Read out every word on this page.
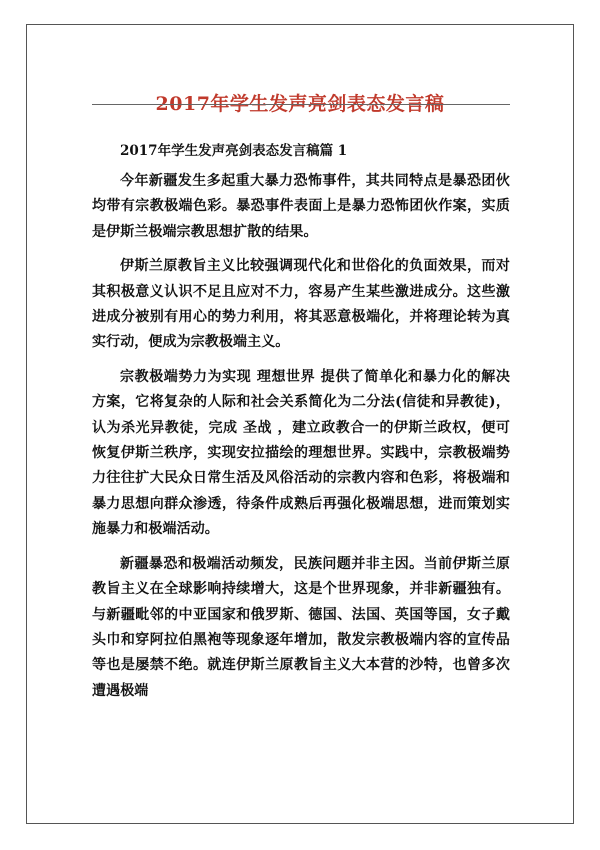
2017年学生发声亮剑表态发言稿
2017年学生发声亮剑表态发言稿篇 1

今年新疆发生多起重大暴力恐怖事件，其共同特点是暴恐团伙均带有宗教极端色彩。暴恐事件表面上是暴力恐怖团伙作案，实质是伊斯兰极端宗教思想扩散的结果。

伊斯兰原教旨主义比较强调现代化和世俗化的负面效果，而对其积极意义认识不足且应对不力，容易产生某些激进成分。这些激进成分被别有用心的势力利用，将其恶意极端化，并将理论转为真实行动，便成为宗教极端主义。

宗教极端势力为实现 理想世界 提供了简单化和暴力化的解决方案，它将复杂的人际和社会关系简化为二分法(信徒和异教徒)，认为杀光异教徒，完成 圣战 ，建立政教合一的伊斯兰政权，便可恢复伊斯兰秩序，实现安拉描绘的理想世界。实践中，宗教极端势力往往扩大民众日常生活及风俗活动的宗教内容和色彩，将极端和暴力思想向群众渗透，待条件成熟后再强化极端思想，进而策划实施暴力和极端活动。

新疆暴恐和极端活动频发，民族问题并非主因。当前伊斯兰原教旨主义在全球影响持续增大，这是个世界现象，并非新疆独有。与新疆毗邻的中亚国家和俄罗斯、德国、法国、英国等国，女子戴头巾和穿阿拉伯黑袍等现象逐年增加，散发宗教极端内容的宣传品等也是屡禁不绝。就连伊斯兰原教旨主义大本营的沙特，也曾多次遭遇极端
